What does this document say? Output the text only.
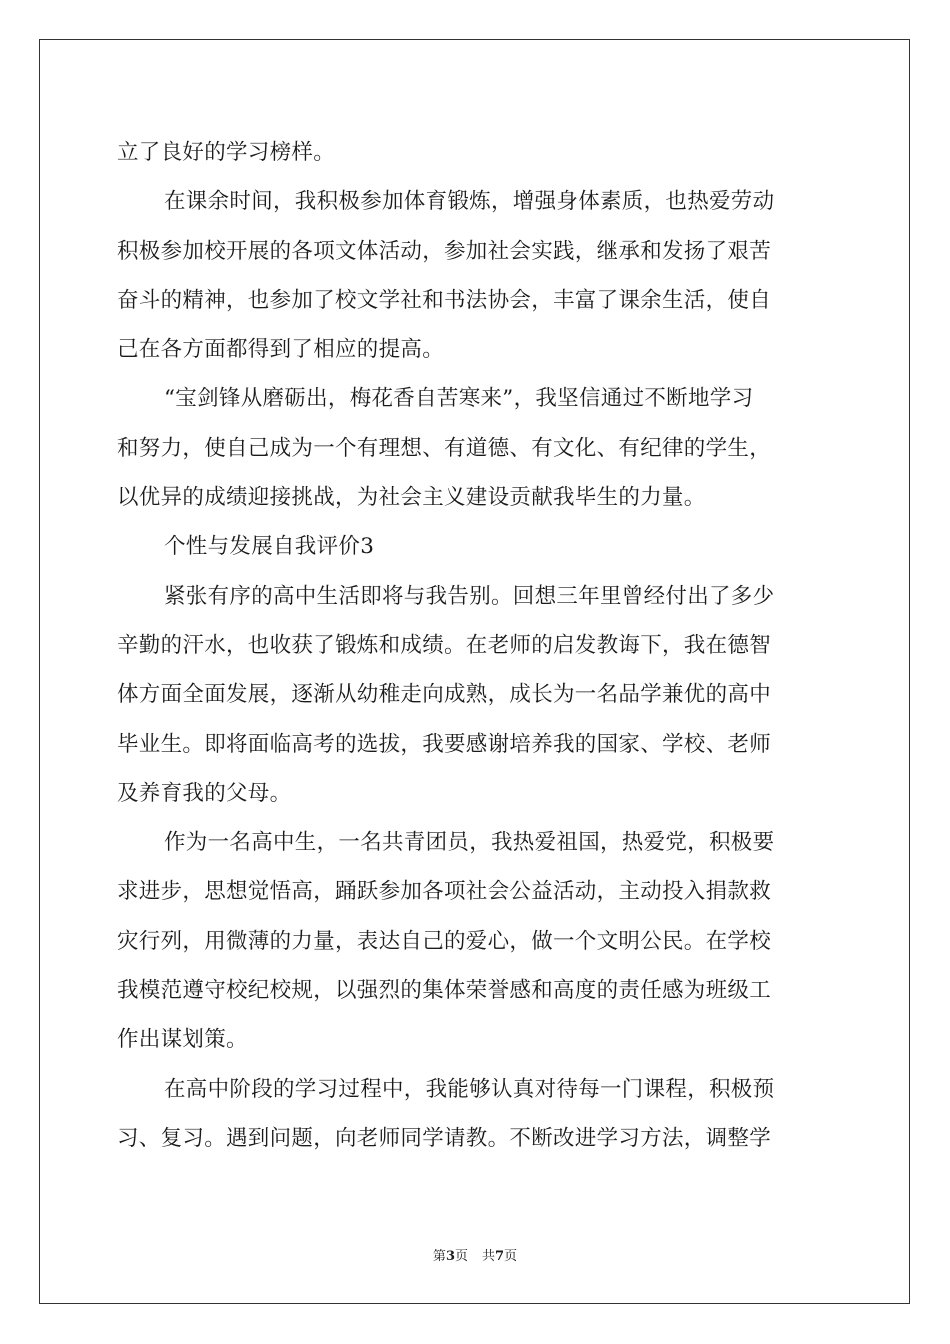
立了良好的学习榜样。
在课余时间，我积极参加体育锻炼，增强身体素质，也热爱劳动
积极参加校开展的各项文体活动，参加社会实践，继承和发扬了艰苦
奋斗的精神，也参加了校文学社和书法协会，丰富了课余生活，使自
己在各方面都得到了相应的提高。
“宝剑锋从磨砺出，梅花香自苦寒来”，我坚信通过不断地学习
和努力，使自己成为一个有理想、有道德、有文化、有纪律的学生，
以优异的成绩迎接挑战，为社会主义建设贡献我毕生的力量。
个性与发展自我评价3
紧张有序的高中生活即将与我告别。回想三年里曾经付出了多少
辛勤的汗水，也收获了锻炼和成绩。在老师的启发教诲下，我在德智
体方面全面发展，逐渐从幼稚走向成熟，成长为一名品学兼优的高中
毕业生。即将面临高考的选拔，我要感谢培养我的国家、学校、老师
及养育我的父母。
作为一名高中生，一名共青团员，我热爱祖国，热爱党，积极要
求进步，思想觉悟高，踊跃参加各项社会公益活动，主动投入捐款救
灾行列，用微薄的力量，表达自己的爱心，做一个文明公民。在学校
我模范遵守校纪校规，以强烈的集体荣誉感和高度的责任感为班级工
作出谋划策。
在高中阶段的学习过程中，我能够认真对待每一门课程，积极预
习、复习。遇到问题，向老师同学请教。不断改进学习方法，调整学
第3页 共7页
